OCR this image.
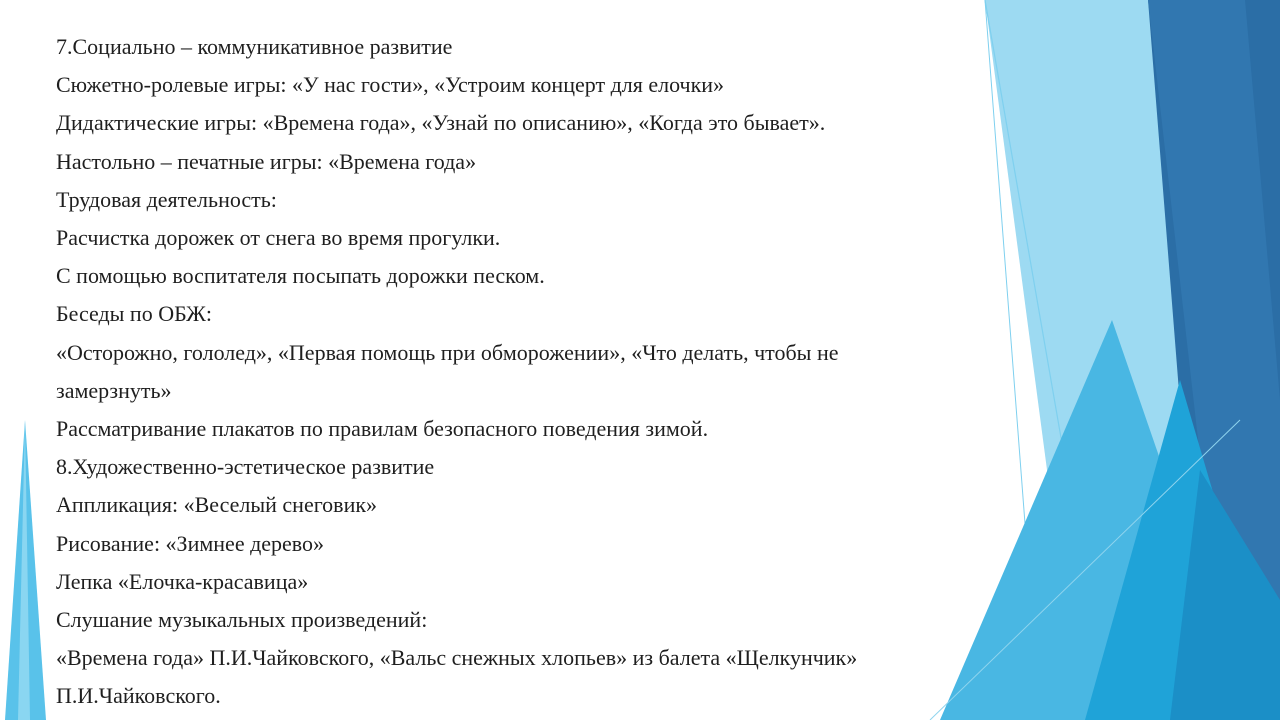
7.Социально – коммуникативное развитие

Сюжетно-ролевые игры: «У нас гости», «Устроим концерт для елочки»

Дидактические игры: «Времена года», «Узнай по описанию», «Когда это бывает».

Настольно – печатные игры: «Времена года»

Трудовая деятельность:

Расчистка дорожек от снега во время прогулки.

С помощью воспитателя посыпать дорожки песком.

Беседы по ОБЖ:

«Осторожно, гололед», «Первая помощь при обморожении», «Что делать, чтобы не

замерзнуть»

Рассматривание плакатов по правилам безопасного поведения зимой.

8.Художественно-эстетическое развитие

Аппликация: «Веселый снеговик»

Рисование: «Зимнее дерево»

Лепка «Елочка-красавица»

Слушание музыкальных произведений:

«Времена года» П.И.Чайковского, «Вальс снежных хлопьев» из балета «Щелкунчик»

П.И.Чайковского.
